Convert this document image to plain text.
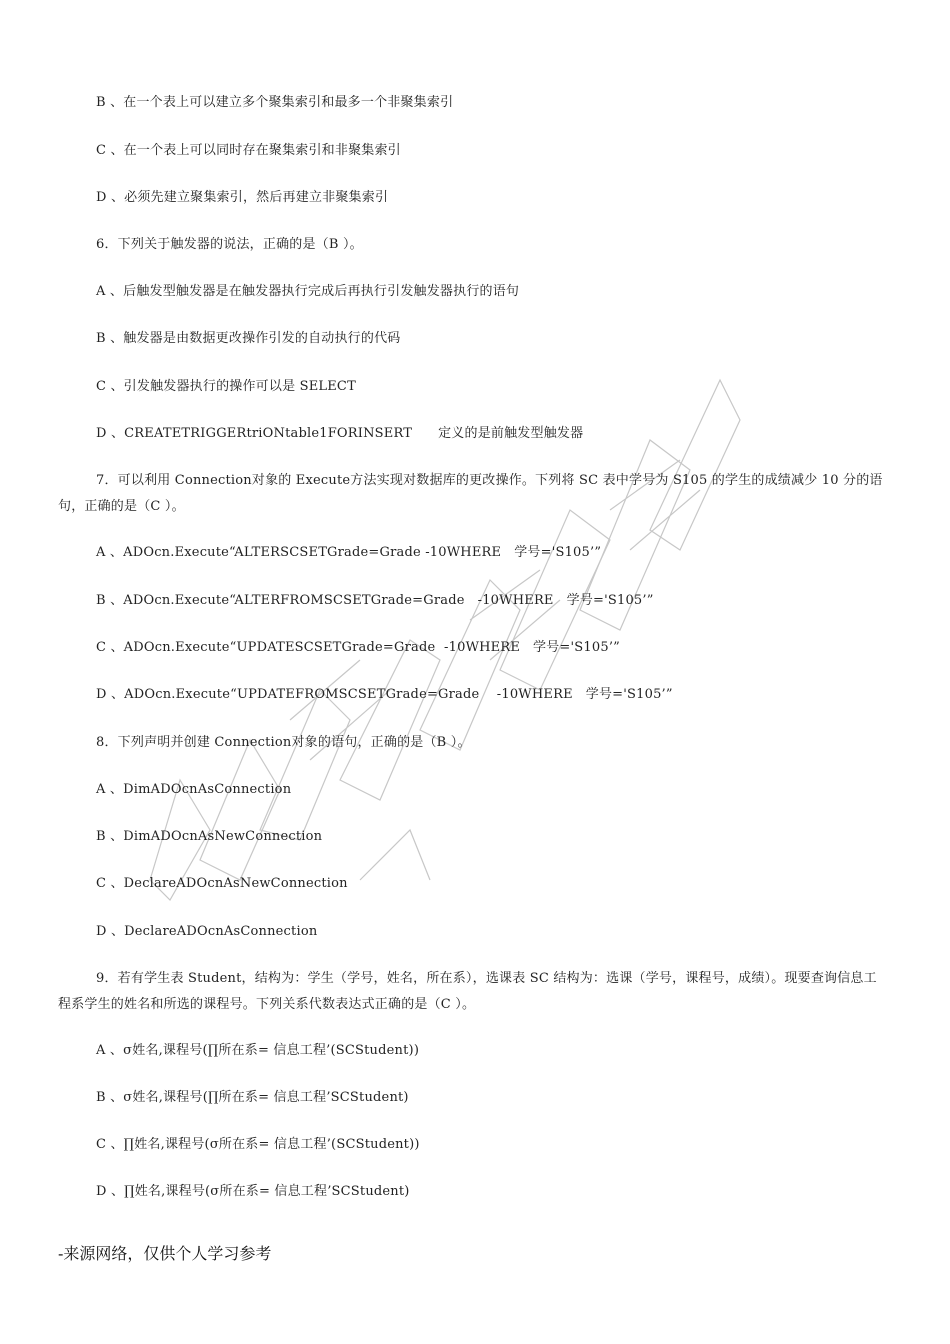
B 、在一个表上可以建立多个聚集索引和最多一个非聚集索引
C 、在一个表上可以同时存在聚集索引和非聚集索引
D 、必须先建立聚集索引，然后再建立非聚集索引
6．下列关于触发器的说法，正确的是（B ）。
A 、后触发型触发器是在触发器执行完成后再执行引发触发器执行的语句
B 、触发器是由数据更改操作引发的自动执行的代码
C 、引发触发器执行的操作可以是 SELECT
D 、CREATETRIGGERtriONtable1FORINSERT      定义的是前触发型触发器
7．可以利用 Connection对象的 Execute方法实现对数据库的更改操作。下列将 SC 表中学号为 S105 的学生的成绩减少 10 分的语句，正确的是（C ）。
A 、ADOcn.Execute“ALTERSCSETGrade=Grade -10WHERE   学号='S105’”
B 、ADOcn.Execute“ALTERFROMSCSETGrade=Grade   -10WHERE   学号='S105’”
C 、ADOcn.Execute“UPDATESCSETGrade=Grade  -10WHERE   学号='S105’”
D 、ADOcn.Execute“UPDATEFROMSCSETGrade=Grade    -10WHERE   学号='S105’”
8．下列声明并创建 Connection对象的语句，正确的是（B ）。
A 、DimADOcnAsConnection
B 、DimADOcnAsNewConnection
C 、DeclareADOcnAsNewConnection
D 、DeclareADOcnAsConnection
9．若有学生表 Student，结构为：学生（学号，姓名，所在系），选课表 SC 结构为：选课（学号，课程号，成绩）。现要查询信息工程系学生的姓名和所选的课程号。下列关系代数表达式正确的是（C ）。
A 、σ姓名,课程号(∏所在系= 信息工程’(SCStudent))
B 、σ姓名,课程号(∏所在系= 信息工程’SCStudent)
C 、∏姓名,课程号(σ所在系= 信息工程’(SCStudent))
D 、∏姓名,课程号(σ所在系= 信息工程’SCStudent)
-来源网络，仅供个人学习参考
